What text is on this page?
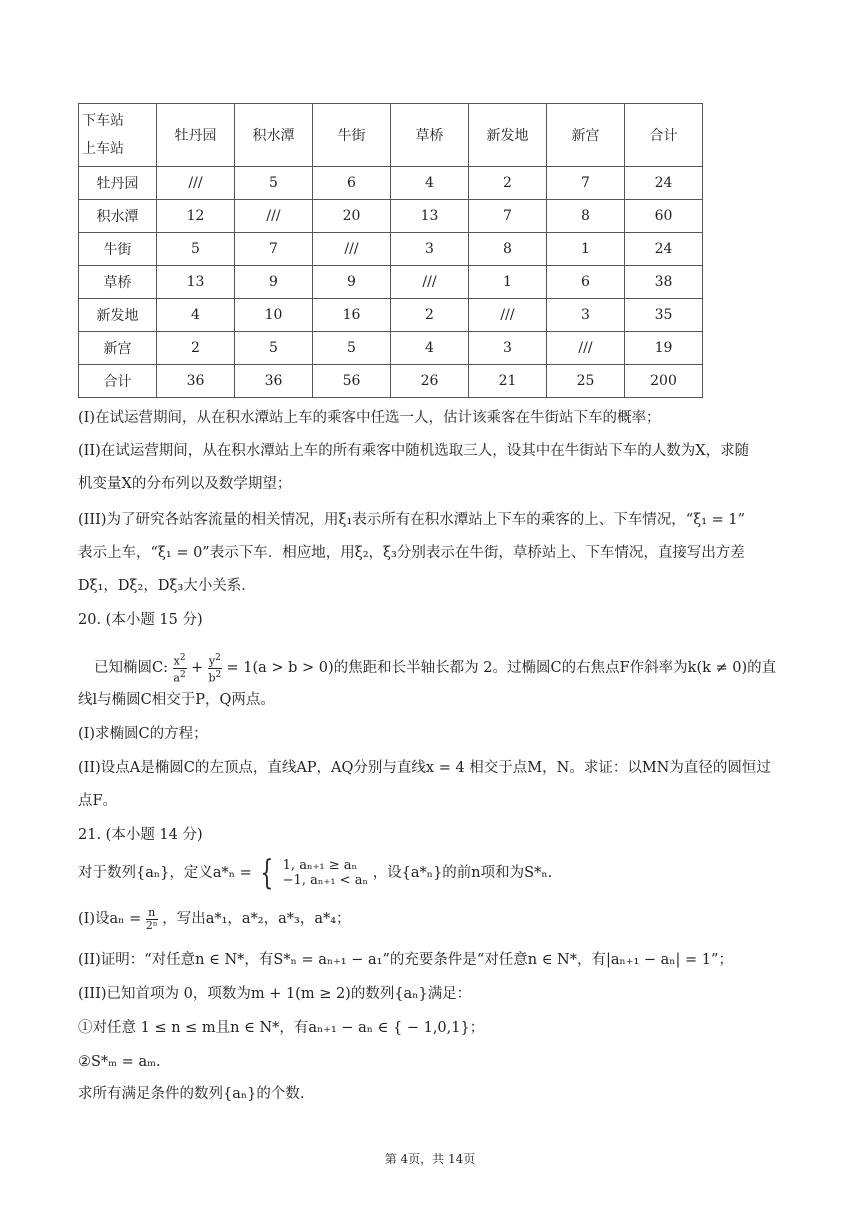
下车站
上车站	牡丹园	积水潭	牛街	草桥	新发地	新宫	合计
牡丹园	///	5	6	4	2	7	24
积水潭	12	///	20	13	7	8	60
牛街	5	7	///	3	8	1	24
草桥	13	9	9	///	1	6	38
新发地	4	10	16	2	///	3	35
新宫	2	5	5	4	3	///	19
合计	36	36	56	26	21	25	200
(I)在试运营期间，从在积水潭站上车的乘客中任选一人，估计该乘客在牛街站下车的概率；
(II)在试运营期间，从在积水潭站上车的所有乘客中随机选取三人，设其中在牛街站下车的人数为X，求随
机变量X的分布列以及数学期望；
(III)为了研究各站客流量的相关情况，用ξ₁表示所有在积水潭站上下车的乘客的上、下车情况，“ξ₁ = 1”
表示上车，“ξ₁ = 0”表示下车．相应地，用ξ₂，ξ₃分别表示在牛街，草桥站上、下车情况，直接写出方差
Dξ₁，Dξ₂，Dξ₃大小关系．
20. (本小题 15 分)
已知椭圆C: $\frac{x^2}{a^2} + \frac{y^2}{b^2} = 1(a > b > 0)$的焦距和长半轴长都为 2。过椭圆C的右焦点F作斜率为k(k ≠ 0)的直
线l与椭圆C相交于P，Q两点。
(I)求椭圆C的方程；
(II)设点A是椭圆C的左顶点，直线AP，AQ分别与直线x = 4 相交于点M，N。求证：以MN为直径的圆恒过
点F。
21. (本小题 14 分)
对于数列{aₙ}，定义a*ₙ = { 1, aₙ₊₁ ≥ aₙ
−1, aₙ₊₁ < aₙ ，设{a*ₙ}的前n项和为S*ₙ.
(I)设$a_n = \frac{n}{\text{2ⁿ}}$ ，写出a*₁，a*₂，a*₃，a*₄；
(II)证明：“对任意n ∈ N*，有S*ₙ = aₙ₊₁ − a₁”的充要条件是“对任意n ∈ N*，有|aₙ₊₁ − aₙ| = 1”；
(III)已知首项为 0，项数为m + 1(m ≥ 2)的数列{aₙ}满足：
①对任意 1 ≤ n ≤ m且n ∈ N*，有aₙ₊₁ − aₙ ∈ { − 1,0,1}；
②S*ₘ = aₘ.
求所有满足条件的数列{aₙ}的个数.
第 4页，共 14页
